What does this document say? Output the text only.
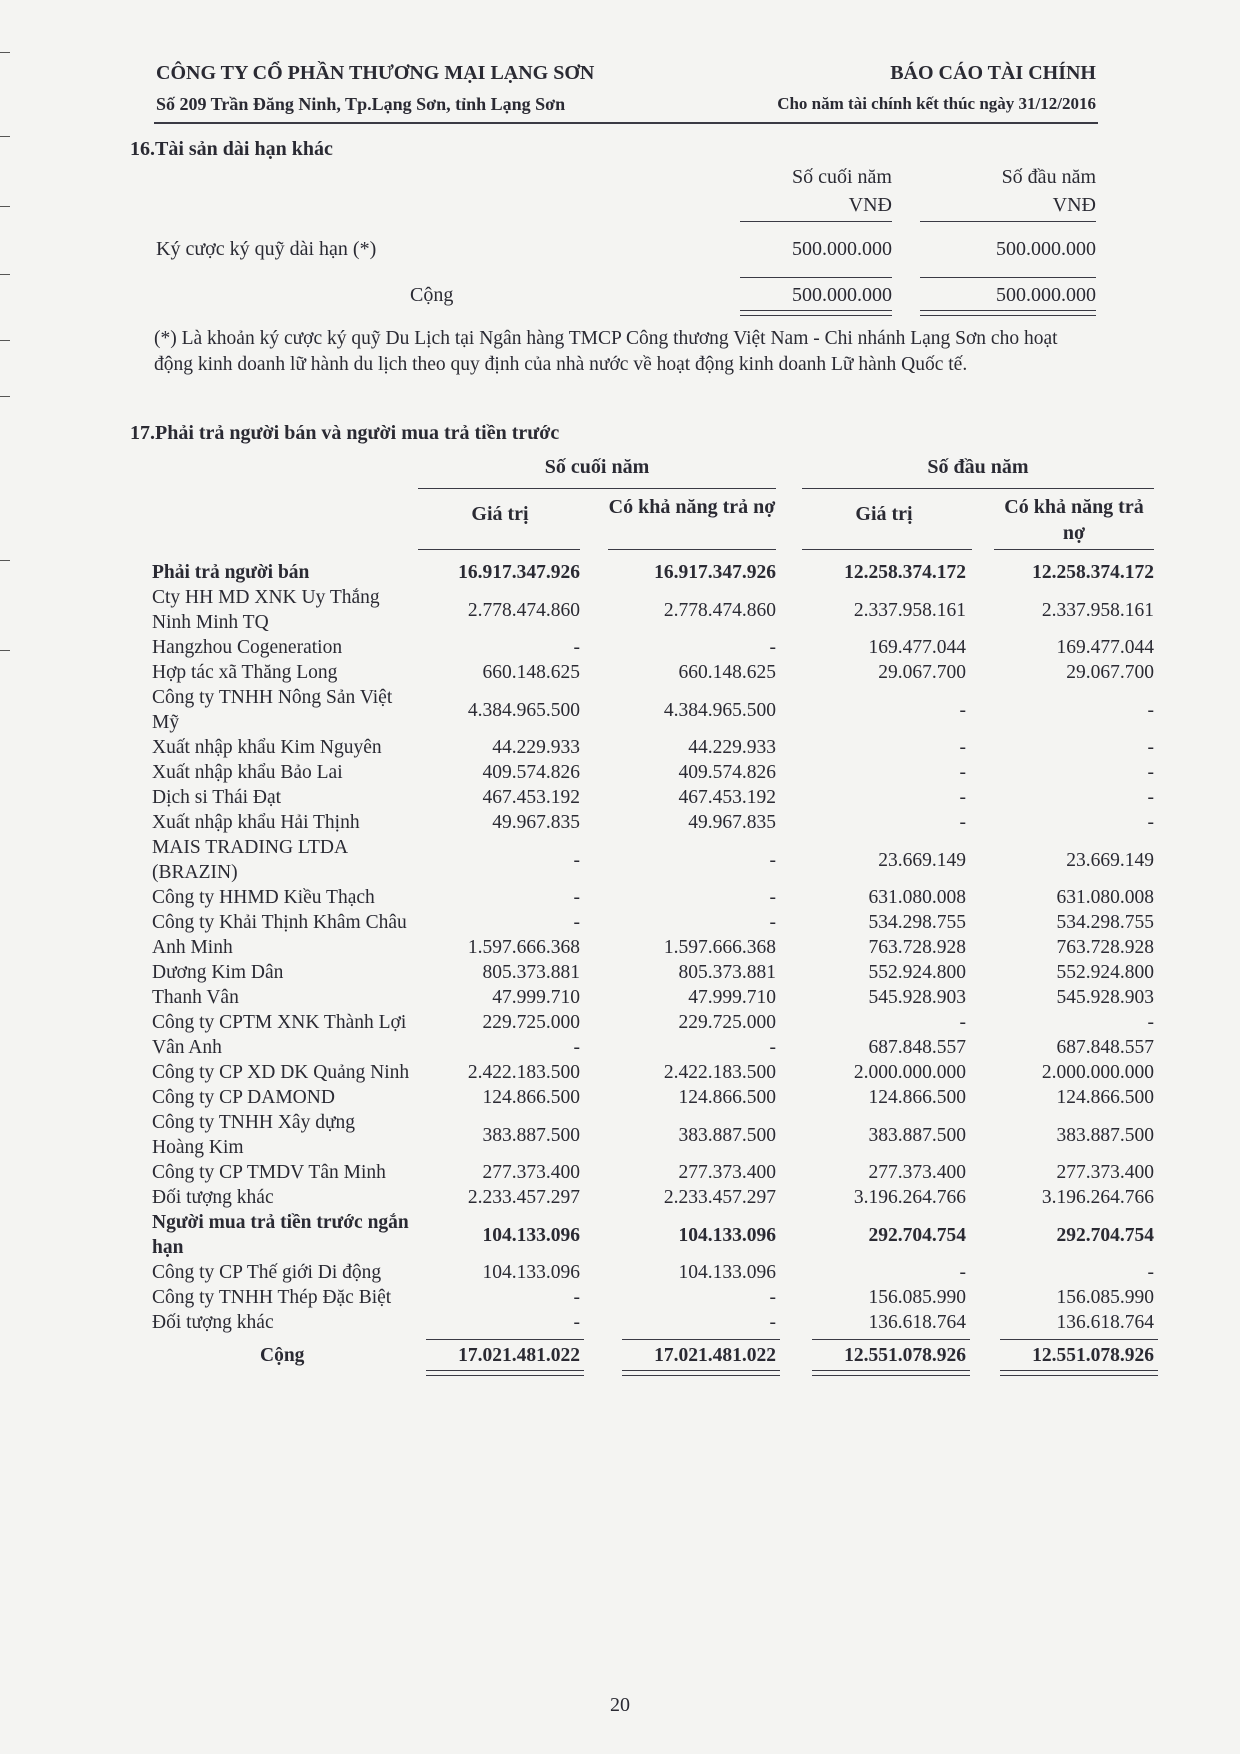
CÔNG TY CỔ PHẦN THƯƠNG MẠI LẠNG SƠN
Số 209 Trần Đăng Ninh, Tp.Lạng Sơn, tỉnh Lạng Sơn
BÁO CÁO TÀI CHÍNH
Cho năm tài chính kết thúc ngày 31/12/2016
16.Tài sản dài hạn khác
Số cuối năm	Số đầu năm
VNĐ	VNĐ
Ký cược ký quỹ dài hạn (*)	500.000.000	500.000.000
Cộng	500.000.000	500.000.000
(*) Là khoản ký cược ký quỹ Du Lịch tại Ngân hàng TMCP Công thương Việt Nam - Chi nhánh Lạng Sơn cho hoạt động kinh doanh lữ hành du lịch theo quy định của nhà nước về hoạt động kinh doanh Lữ hành Quốc tế.
17.Phải trả người bán và người mua trả tiền trước
Số cuối năm	Số đầu năm
Giá trị	Có khả năng trả nợ	Giá trị	Có khả năng trả nợ
Phải trả người bán	16.917.347.926	16.917.347.926	12.258.374.172	12.258.374.172
Cty HH MD XNK Uy Thắng Ninh Minh TQ	2.778.474.860	2.778.474.860	2.337.958.161	2.337.958.161
Hangzhou Cogeneration	-	-	169.477.044	169.477.044
Hợp tác xã Thăng Long	660.148.625	660.148.625	29.067.700	29.067.700
Công ty TNHH Nông Sản Việt Mỹ	4.384.965.500	4.384.965.500	-	-
Xuất nhập khẩu Kim Nguyên	44.229.933	44.229.933	-	-
Xuất nhập khẩu Bảo Lai	409.574.826	409.574.826	-	-
Dịch si Thái Đạt	467.453.192	467.453.192	-	-
Xuất nhập khẩu Hải Thịnh	49.967.835	49.967.835	-	-
MAIS TRADING LTDA (BRAZIN)	-	-	23.669.149	23.669.149
Công ty HHMD Kiều Thạch	-	-	631.080.008	631.080.008
Công ty Khải Thịnh Khâm Châu	-	-	534.298.755	534.298.755
Anh Minh	1.597.666.368	1.597.666.368	763.728.928	763.728.928
Dương Kim Dân	805.373.881	805.373.881	552.924.800	552.924.800
Thanh Vân	47.999.710	47.999.710	545.928.903	545.928.903
Công ty CPTM XNK Thành Lợi	229.725.000	229.725.000	-	-
Vân Anh	-	-	687.848.557	687.848.557
Công ty CP XD DK Quảng Ninh	2.422.183.500	2.422.183.500	2.000.000.000	2.000.000.000
Công ty CP DAMOND	124.866.500	124.866.500	124.866.500	124.866.500
Công ty TNHH Xây dựng Hoàng Kim	383.887.500	383.887.500	383.887.500	383.887.500
Công ty CP TMDV Tân Minh	277.373.400	277.373.400	277.373.400	277.373.400
Đối tượng khác	2.233.457.297	2.233.457.297	3.196.264.766	3.196.264.766
Người mua trả tiền trước ngắn hạn	104.133.096	104.133.096	292.704.754	292.704.754
Công ty CP Thế giới Di động	104.133.096	104.133.096	-	-
Công ty TNHH Thép Đặc Biệt	-	-	156.085.990	156.085.990
Đối tượng khác	-	-	136.618.764	136.618.764
Cộng	17.021.481.022	17.021.481.022	12.551.078.926	12.551.078.926
20
